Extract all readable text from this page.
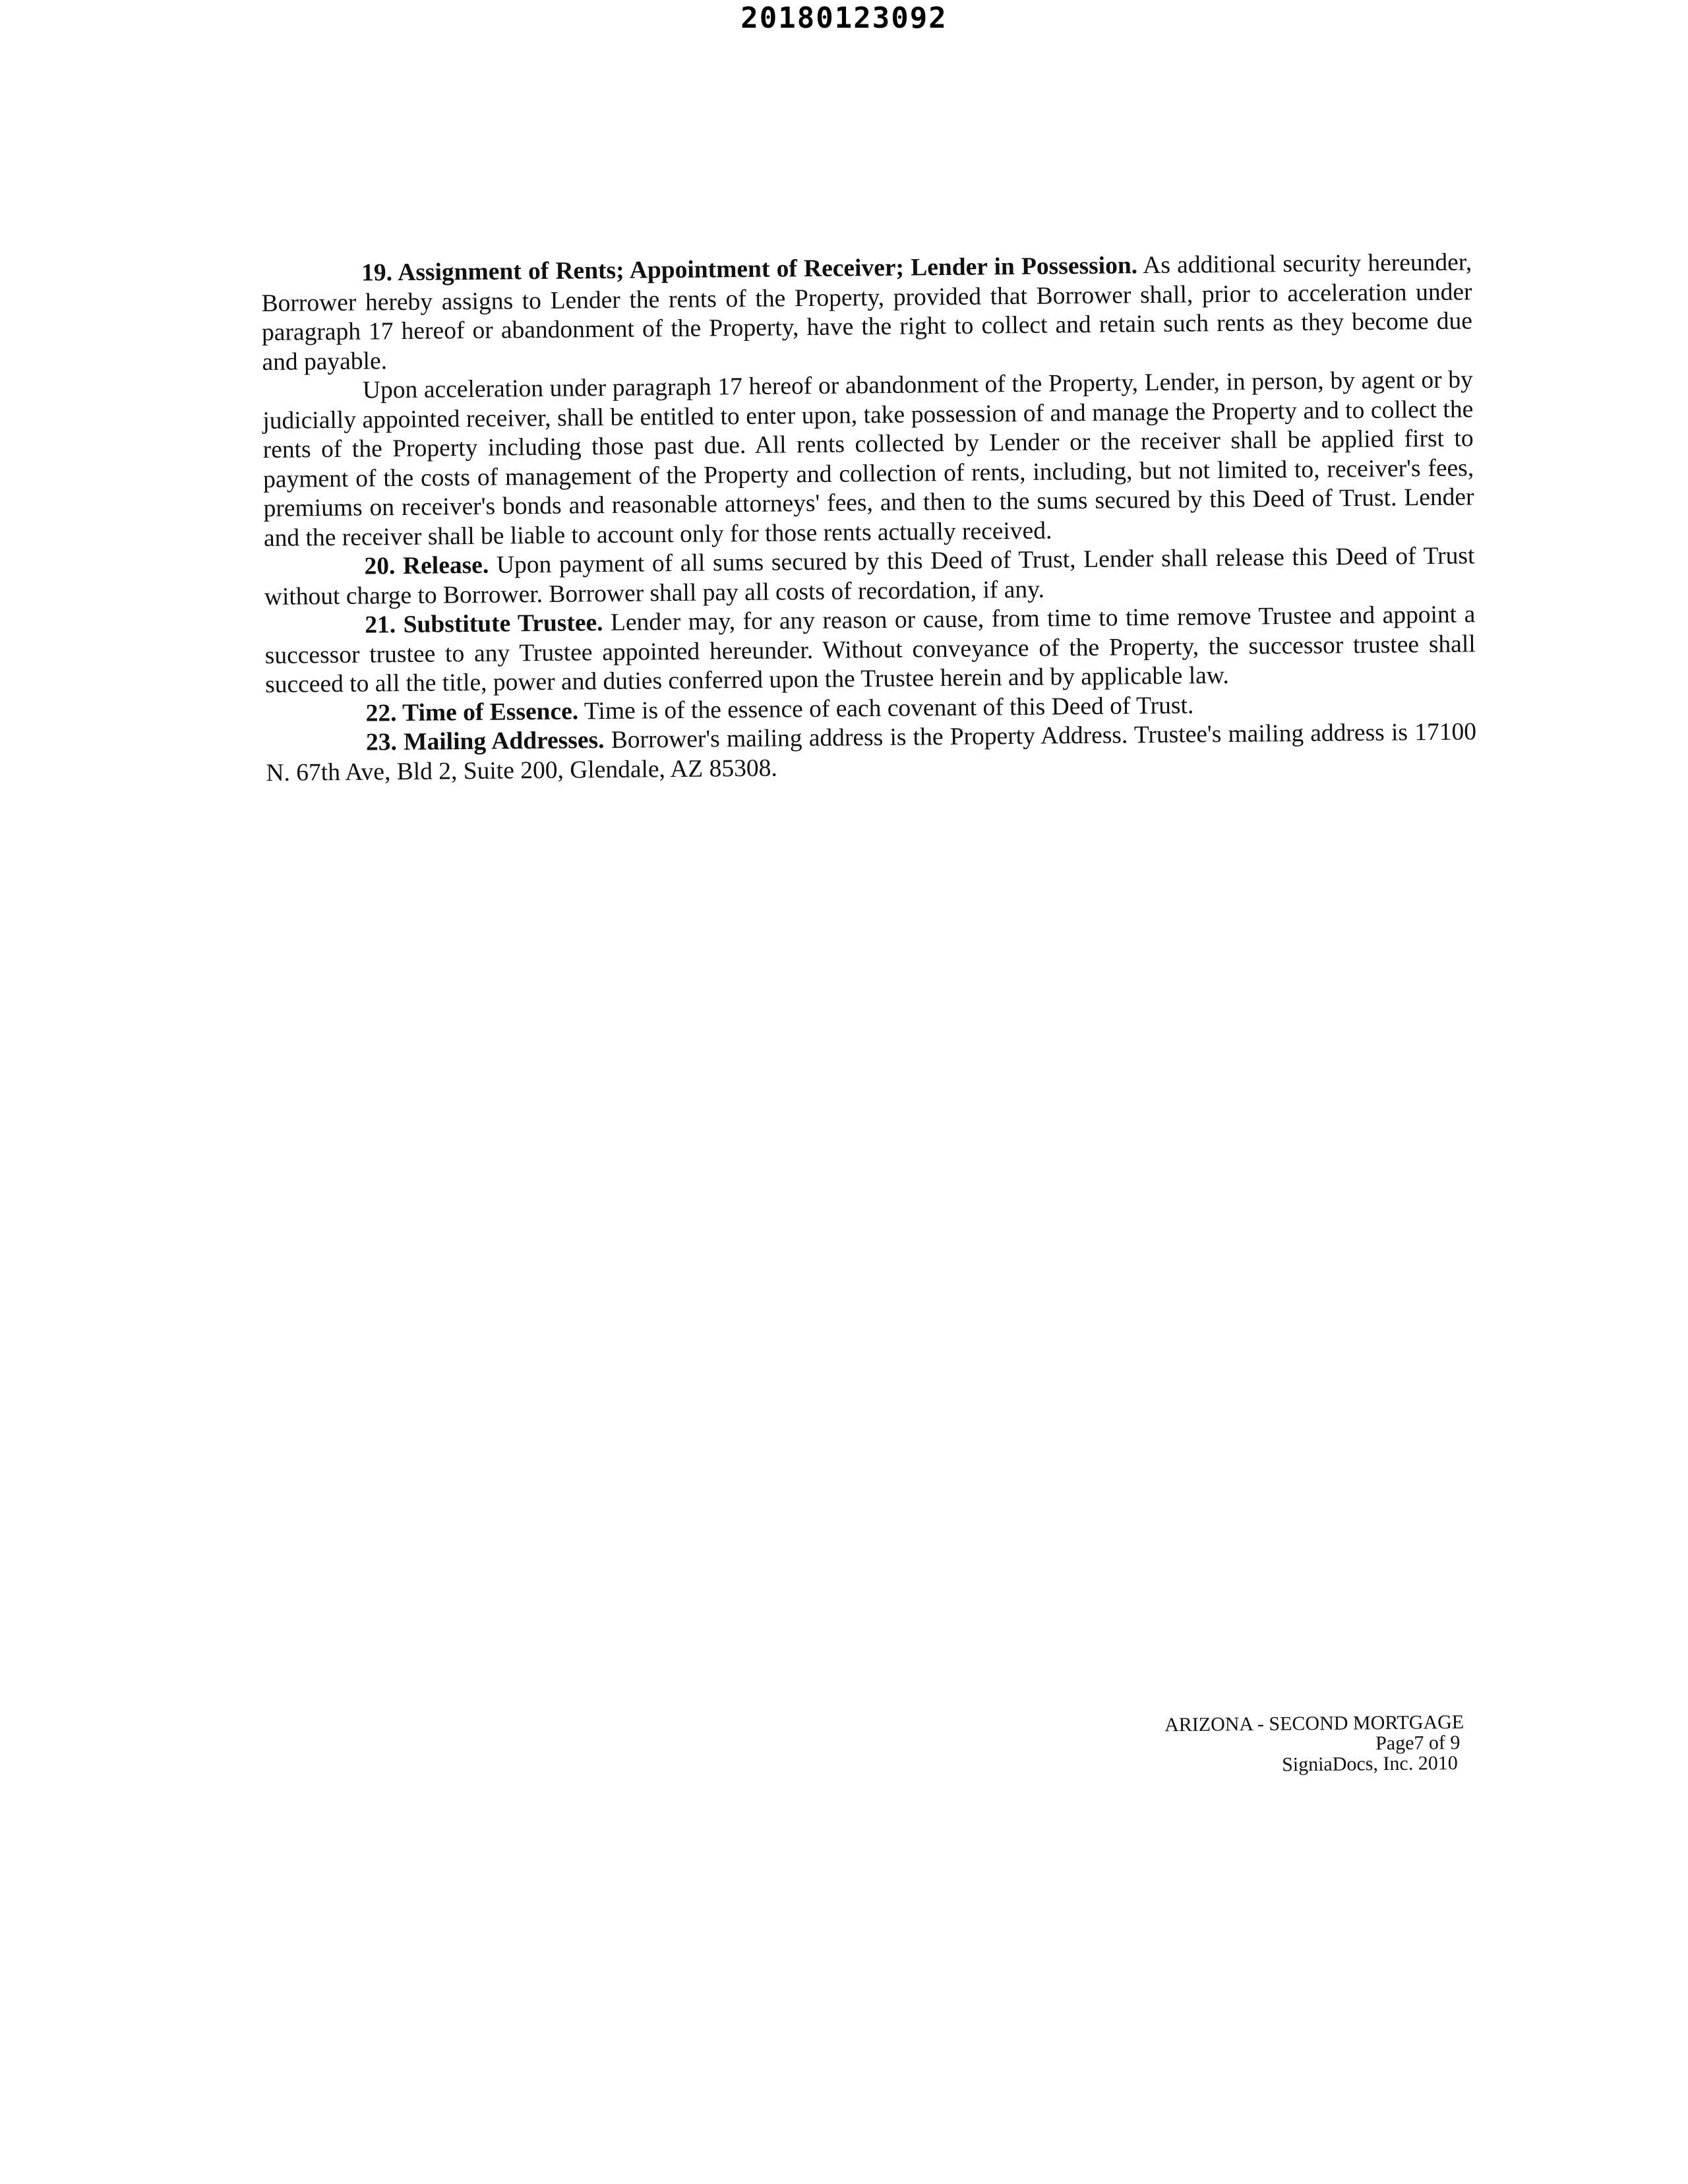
20180123092

19. Assignment of Rents; Appointment of Receiver; Lender in Possession. As additional security hereunder, Borrower hereby assigns to Lender the rents of the Property, provided that Borrower shall, prior to acceleration under paragraph 17 hereof or abandonment of the Property, have the right to collect and retain such rents as they become due and payable.

Upon acceleration under paragraph 17 hereof or abandonment of the Property, Lender, in person, by agent or by judicially appointed receiver, shall be entitled to enter upon, take possession of and manage the Property and to collect the rents of the Property including those past due. All rents collected by Lender or the receiver shall be applied first to payment of the costs of management of the Property and collection of rents, including, but not limited to, receiver's fees, premiums on receiver's bonds and reasonable attorneys' fees, and then to the sums secured by this Deed of Trust. Lender and the receiver shall be liable to account only for those rents actually received.

20. Release. Upon payment of all sums secured by this Deed of Trust, Lender shall release this Deed of Trust without charge to Borrower. Borrower shall pay all costs of recordation, if any.

21. Substitute Trustee. Lender may, for any reason or cause, from time to time remove Trustee and appoint a successor trustee to any Trustee appointed hereunder. Without conveyance of the Property, the successor trustee shall succeed to all the title, power and duties conferred upon the Trustee herein and by applicable law.

22. Time of Essence. Time is of the essence of each covenant of this Deed of Trust.

23. Mailing Addresses. Borrower's mailing address is the Property Address. Trustee's mailing address is 17100 N. 67th Ave, Bld 2, Suite 200, Glendale, AZ 85308.

ARIZONA - SECOND MORTGAGE
Page7 of 9
SigniaDocs, Inc. 2010
